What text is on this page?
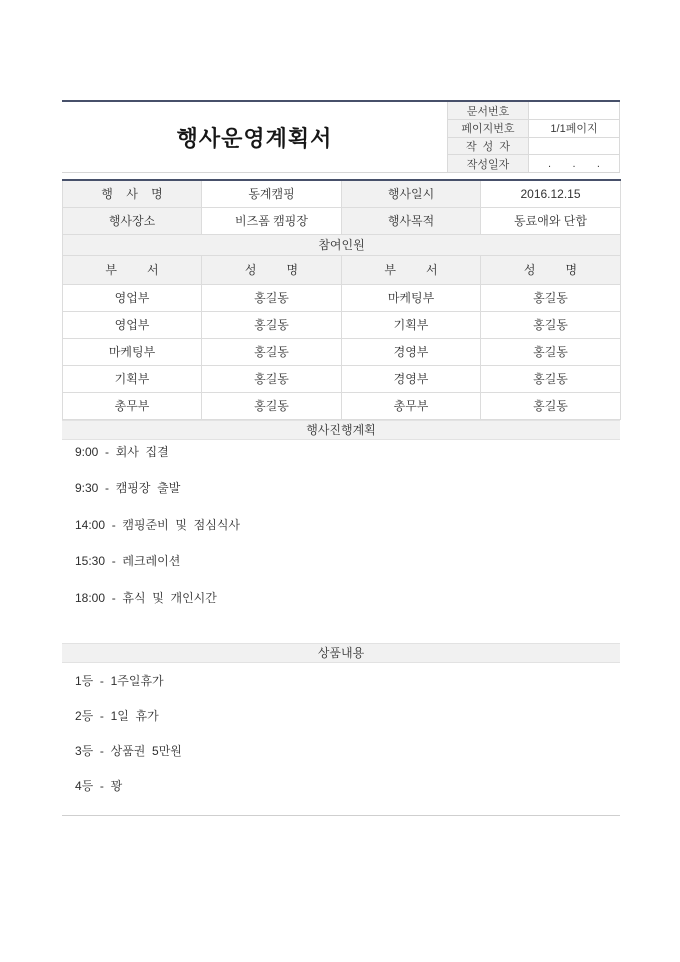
행사운영계획서
문서번호	
페이지번호	1/1페이지
작  성  자	
작성일자	.       .       .
행    사    명	동계캠핑	행사일시	2016.12.15
행사장소	비즈폼 캠핑장	행사목적	동료애와 단합
참여인원			
부         서	성         명	부         서	성         명
영업부	홍길동	마케팅부	홍길동
영업부	홍길동	기획부	홍길동
마케팅부	홍길동	경영부	홍길동
기획부	홍길동	경영부	홍길동
총무부	홍길동	총무부	홍길동
행사진행계획
9:00  -  회사  집결
9:30  -  캠핑장  출발
14:00  -  캠핑준비  및  점심식사
15:30  -  레크레이션
18:00  -  휴식  및  개인시간
상품내용
1등  -  1주일휴가
2등  -  1일  휴가
3등  -  상품권  5만원
4등  -  꽝
